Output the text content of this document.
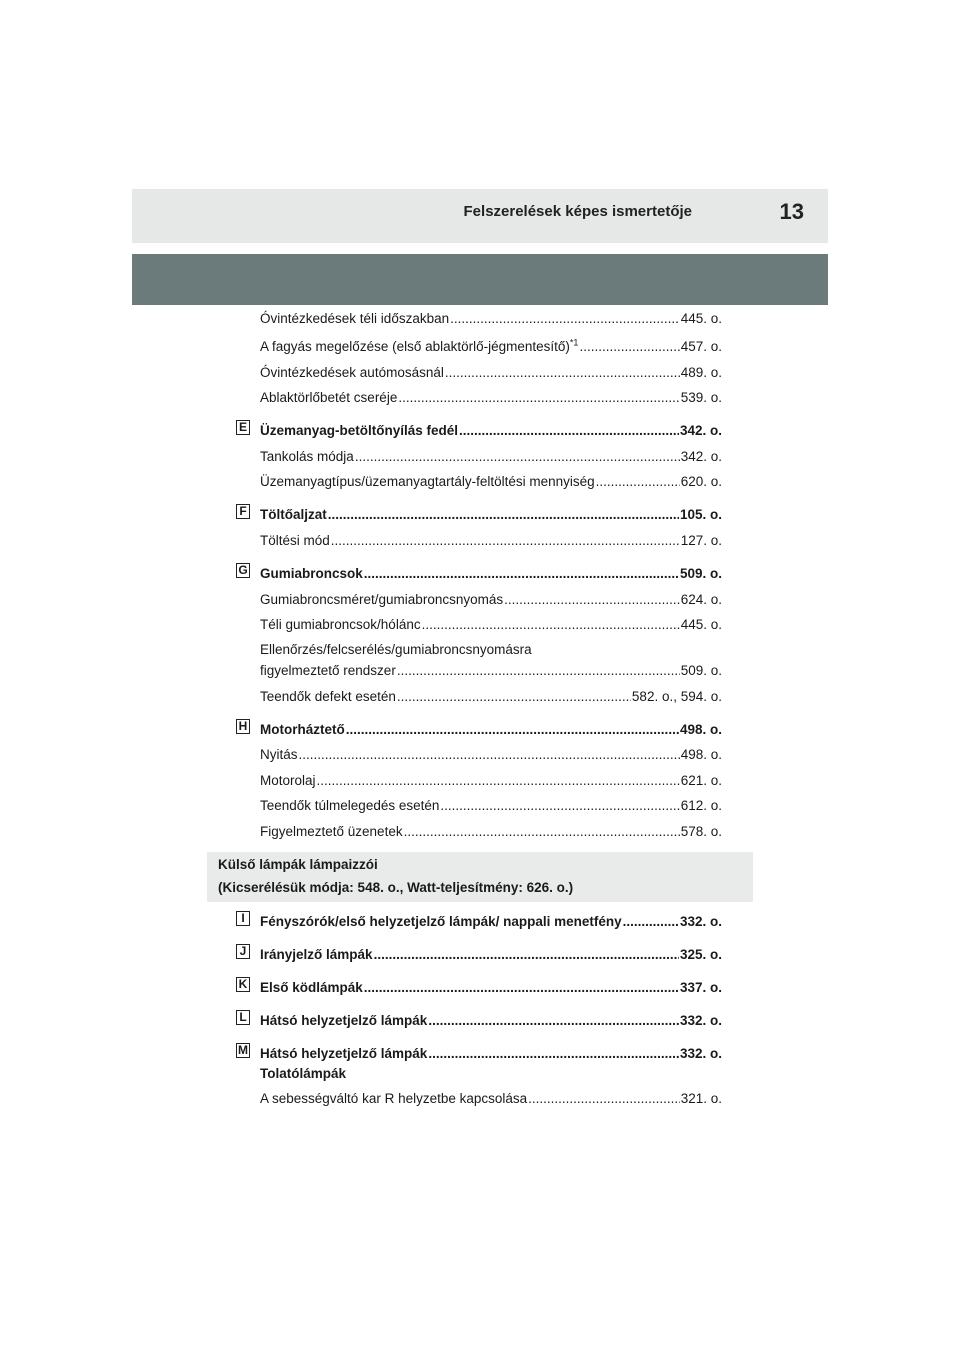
Felszerelések képes ismertetője	13
Óvintézkedések téli időszakban .....	445. o.
A fagyás megelőzése (első ablaktörlő-jégmentesítő)$^{*1}$ .....	457. o.
Óvintézkedések autómosásnál .....	489. o.
Ablaktörlőbetét cseréje .....	539. o.
E Üzemanyag-betöltőnyílás fedél .....	342. o.
Tankolás módja .....	342. o.
Üzemanyagtípus/üzemanyagtartály-feltöltési mennyiség .....	620. o.
F Töltőaljzat .....	105. o.
Töltési mód .....	127. o.
G Gumiabroncsok .....	509. o.
Gumiabroncsméret/gumiabroncsnyomás .....	624. o.
Téli gumiabroncsok/hólánc .....	445. o.
Ellenőrzés/felcserélés/gumiabroncsnyomásra
figyelmeztető rendszer .....	509. o.
Teendők defekt esetén .....	582. o., 594. o.
H Motorháztető .....	498. o.
Nyitás .....	498. o.
Motorolaj .....	621. o.
Teendők túlmelegedés esetén .....	612. o.
Figyelmeztető üzenetek .....	578. o.
Külső lámpák lámpaizzói
(Kicserélésük módja: 548. o., Watt-teljesítmény: 626. o.)
I	Fényszórók/első helyzetjelző lámpák/ nappali menetfény .....	332. o.
J Irányjelző lámpák .....	325. o.
K Első ködlámpák .....	337. o.
L Hátsó helyzetjelző lámpák .....	332. o.
M Hátsó helyzetjelző lámpák .....	332. o.
Tolatólámpák
A sebességváltó kar R helyzetbe kapcsolása .....	321. o.
